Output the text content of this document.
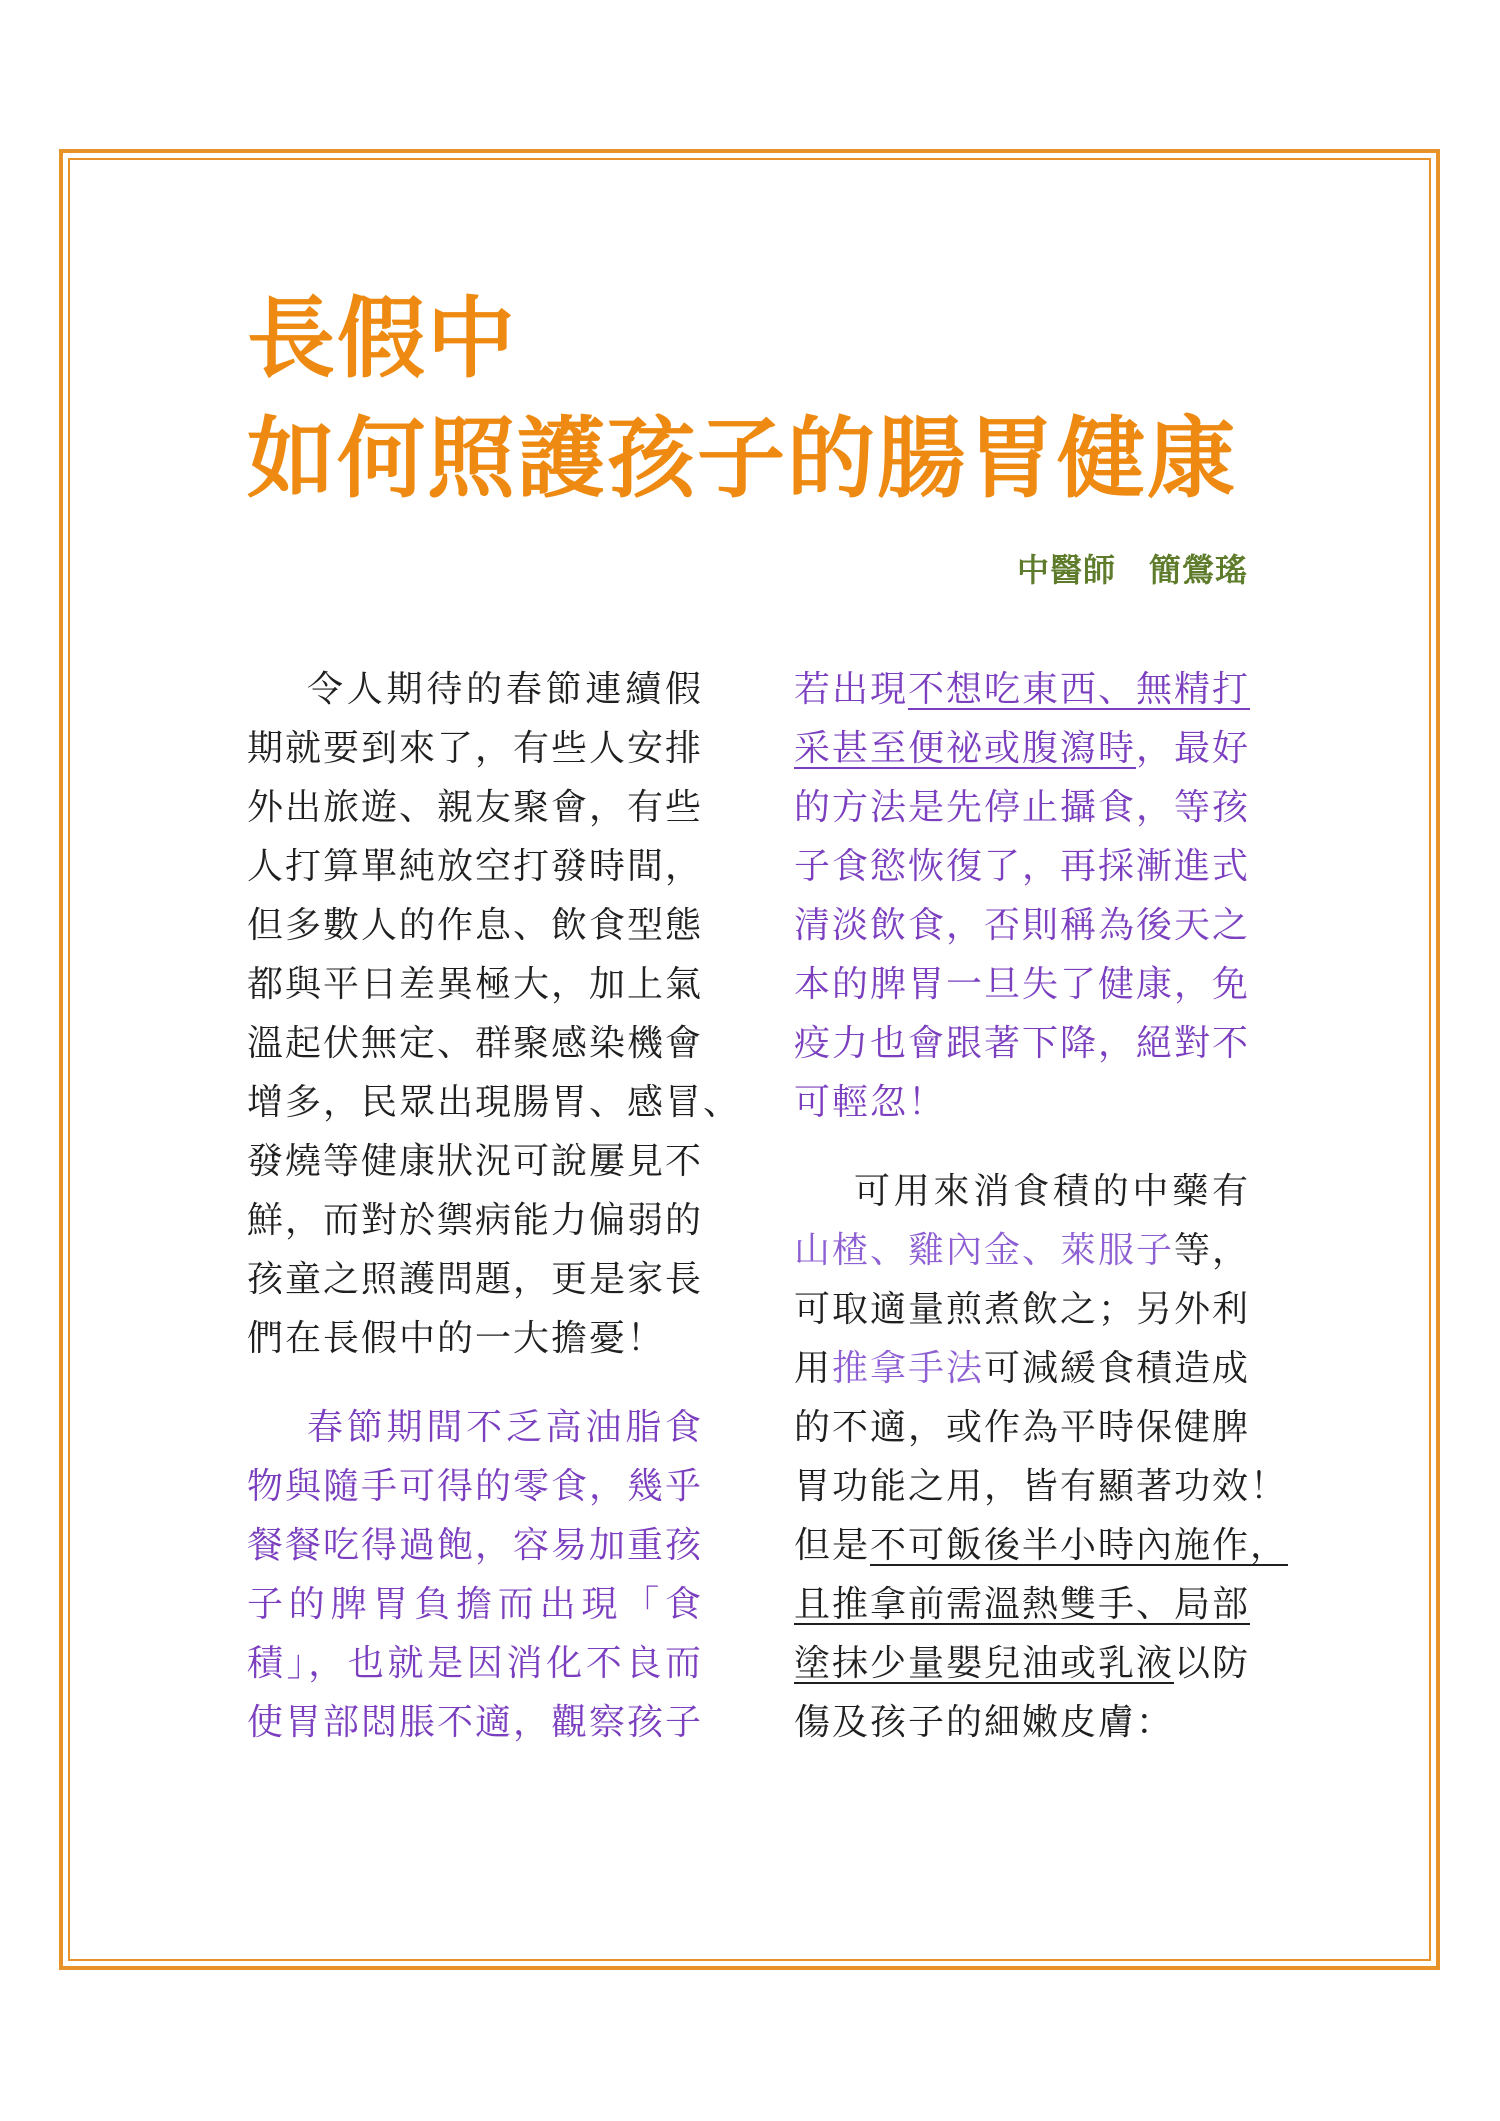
長假中
如何照護孩子的腸胃健康
中醫師　簡鶯瑤
令人期待的春節連續假
期就要到來了，有些人安排
外出旅遊、親友聚會，有些
人打算單純放空打發時間，
但多數人的作息、飲食型態
都與平日差異極大，加上氣
溫起伏無定、群聚感染機會
增多，民眾出現腸胃、感冒、
發燒等健康狀況可說屢見不
鮮，而對於禦病能力偏弱的
孩童之照護問題，更是家長
們在長假中的一大擔憂！
春節期間不乏高油脂食
物與隨手可得的零食，幾乎
餐餐吃得過飽，容易加重孩
子的脾胃負擔而出現「食
積」，也就是因消化不良而
使胃部悶脹不適，觀察孩子
若出現不想吃東西、無精打
采甚至便祕或腹瀉時，最好
的方法是先停止攝食，等孩
子食慾恢復了，再採漸進式
清淡飲食，否則稱為後天之
本的脾胃一旦失了健康，免
疫力也會跟著下降，絕對不
可輕忽！
可用來消食積的中藥有
山楂、雞內金、萊服子等，
可取適量煎煮飲之；另外利
用推拿手法可減緩食積造成
的不適，或作為平時保健脾
胃功能之用，皆有顯著功效！
但是不可飯後半小時內施作，
且推拿前需溫熱雙手、局部
塗抹少量嬰兒油或乳液以防
傷及孩子的細嫩皮膚：
